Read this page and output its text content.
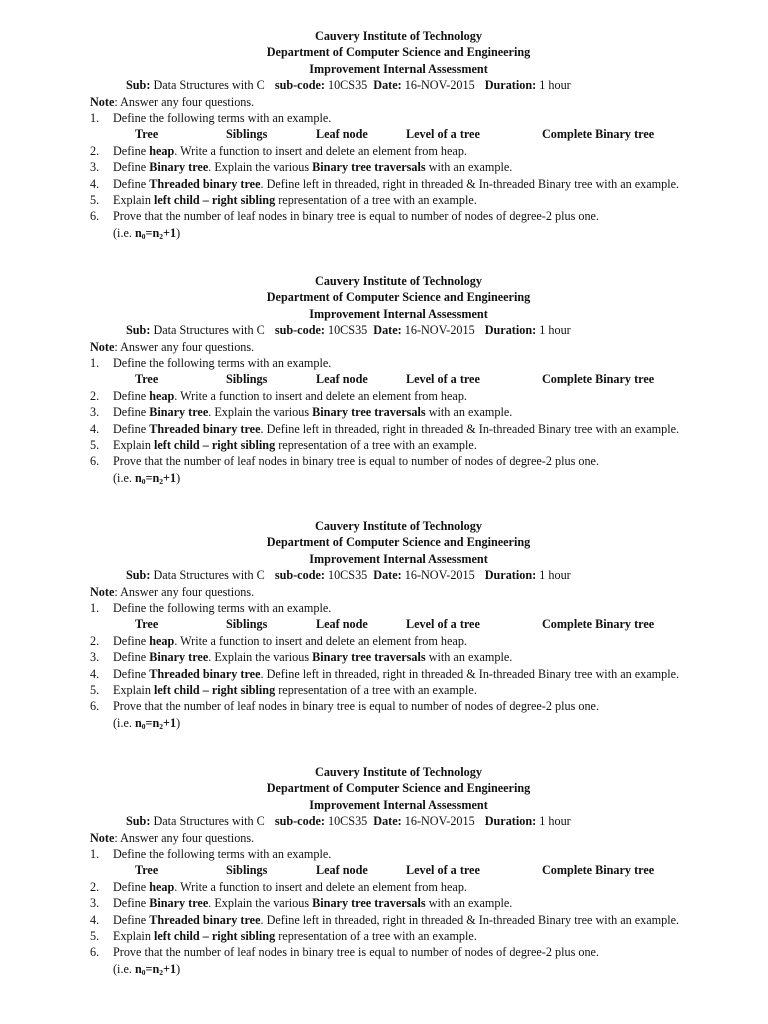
Cauvery Institute of Technology
Department of Computer Science and Engineering
Improvement Internal Assessment
Sub: Data Structures with C sub-code: 10CS35 Date: 16-NOV-2015 Duration: 1 hour
Note: Answer any four questions.
1. Define the following terms with an example.
Tree	Siblings	Leaf node	Level of a tree	Complete Binary tree
2. Define heap. Write a function to insert and delete an element from heap.
3. Define Binary tree. Explain the various Binary tree traversals with an example.
4. Define Threaded binary tree. Define left in threaded, right in threaded & In-threaded Binary tree with an example.
5. Explain left child – right sibling representation of a tree with an example.
6. Prove that the number of leaf nodes in binary tree is equal to number of nodes of degree-2 plus one.
(i.e. $n_0=n_2+1$)
Cauvery Institute of Technology
Department of Computer Science and Engineering
Improvement Internal Assessment
Sub: Data Structures with C sub-code: 10CS35 Date: 16-NOV-2015 Duration: 1 hour
Note: Answer any four questions.
1. Define the following terms with an example.
Tree	Siblings	Leaf node	Level of a tree	Complete Binary tree
2. Define heap. Write a function to insert and delete an element from heap.
3. Define Binary tree. Explain the various Binary tree traversals with an example.
4. Define Threaded binary tree. Define left in threaded, right in threaded & In-threaded Binary tree with an example.
5. Explain left child – right sibling representation of a tree with an example.
6. Prove that the number of leaf nodes in binary tree is equal to number of nodes of degree-2 plus one.
(i.e. $n_0=n_2+1$)
Cauvery Institute of Technology
Department of Computer Science and Engineering
Improvement Internal Assessment
Sub: Data Structures with C sub-code: 10CS35 Date: 16-NOV-2015 Duration: 1 hour
Note: Answer any four questions.
1. Define the following terms with an example.
Tree	Siblings	Leaf node	Level of a tree	Complete Binary tree
2. Define heap. Write a function to insert and delete an element from heap.
3. Define Binary tree. Explain the various Binary tree traversals with an example.
4. Define Threaded binary tree. Define left in threaded, right in threaded & In-threaded Binary tree with an example.
5. Explain left child – right sibling representation of a tree with an example.
6. Prove that the number of leaf nodes in binary tree is equal to number of nodes of degree-2 plus one.
(i.e. $n_0=n_2+1$)
Cauvery Institute of Technology
Department of Computer Science and Engineering
Improvement Internal Assessment
Sub: Data Structures with C sub-code: 10CS35 Date: 16-NOV-2015 Duration: 1 hour
Note: Answer any four questions.
1. Define the following terms with an example.
Tree	Siblings	Leaf node	Level of a tree	Complete Binary tree
2. Define heap. Write a function to insert and delete an element from heap.
3. Define Binary tree. Explain the various Binary tree traversals with an example.
4. Define Threaded binary tree. Define left in threaded, right in threaded & In-threaded Binary tree with an example.
5. Explain left child – right sibling representation of a tree with an example.
6. Prove that the number of leaf nodes in binary tree is equal to number of nodes of degree-2 plus one.
(i.e. $n_0=n_2+1$)
